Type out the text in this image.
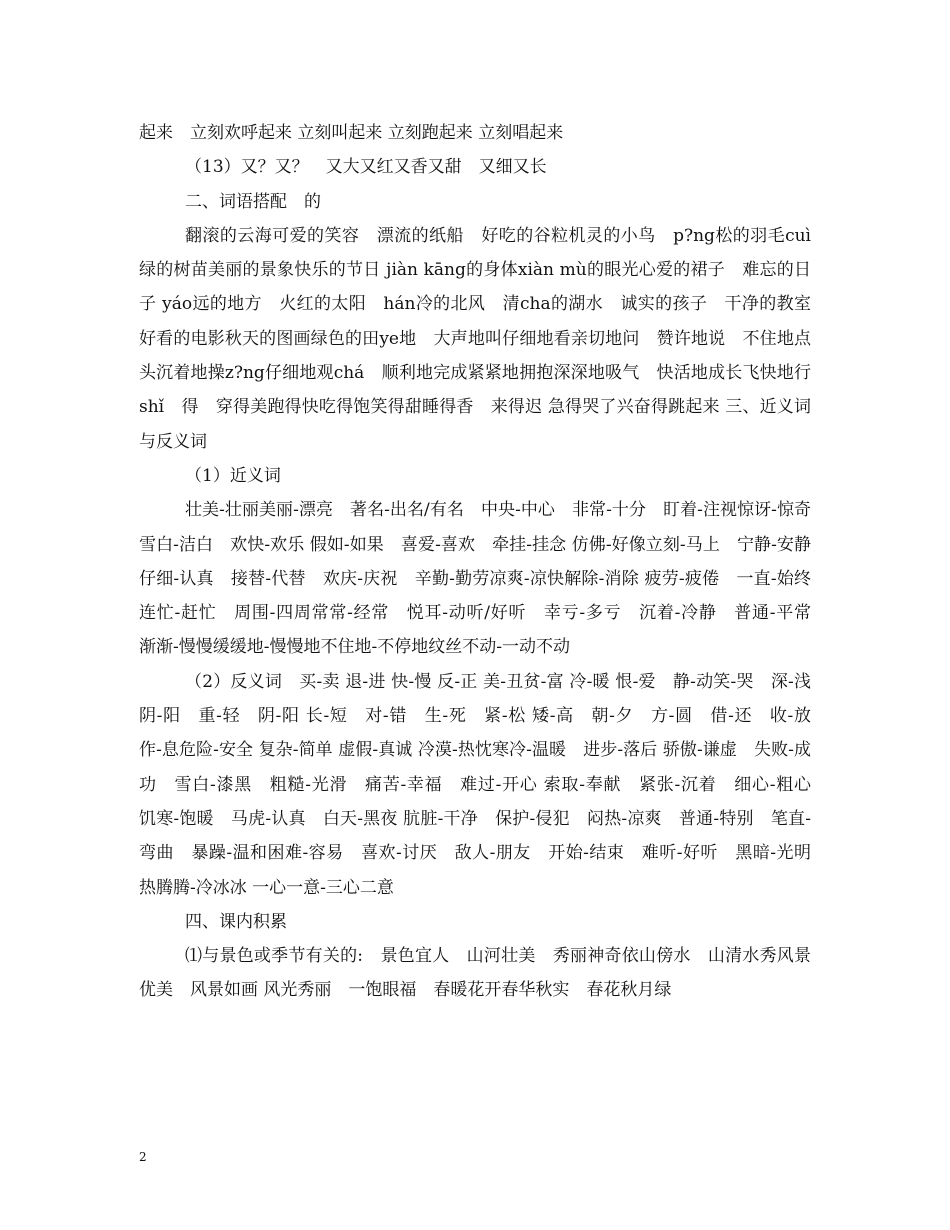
起来　立刻欢呼起来 立刻叫起来 立刻跑起来 立刻唱起来

（13）又？又？　又大又红又香又甜　又细又长

二、词语搭配　的

翻滚的云海可爱的笑容　漂流的纸船　好吃的谷粒机灵的小鸟　p?ng松的羽毛cuì绿的树苗美丽的景象快乐的节日 jiàn kāng的身体xiàn mù的眼光心爱的裙子　难忘的日子 yáo远的地方　火红的太阳　hán冷的北风　清cha的湖水　诚实的孩子　干净的教室好看的电影秋天的图画绿色的田ye地　大声地叫仔细地看亲切地问　赞许地说　不住地点头沉着地操z?ng仔细地观chá　顺利地完成紧紧地拥抱深深地吸气　快活地成长飞快地行shǐ　得　穿得美跑得快吃得饱笑得甜睡得香　来得迟 急得哭了兴奋得跳起来 三、近义词与反义词

（1）近义词

壮美-壮丽美丽-漂亮　著名-出名/有名　中央-中心　非常-十分　盯着-注视惊讶-惊奇雪白-洁白　欢快-欢乐 假如-如果　喜爱-喜欢　牵挂-挂念 仿佛-好像立刻-马上　宁静-安静 仔细-认真　接替-代替　欢庆-庆祝　辛勤-勤劳凉爽-凉快解除-消除 疲劳-疲倦　一直-始终　连忙-赶忙　周围-四周常常-经常　悦耳-动听/好听　幸亏-多亏　沉着-冷静　普通-平常　渐渐-慢慢缓缓地-慢慢地不住地-不停地纹丝不动-一动不动

（2）反义词　买-卖 退-进 快-慢 反-正 美-丑贫-富 冷-暖 恨-爱　静-动笑-哭　深-浅　阴-阳　重-轻　阴-阳 长-短　对-错　生-死　紧-松 矮-高　朝-夕　方-圆　借-还　收-放　作-息危险-安全 复杂-简单 虚假-真诚 冷漠-热忱寒冷-温暖　进步-落后 骄傲-谦虚　失败-成功　雪白-漆黑　粗糙-光滑　痛苦-幸福　难过-开心 索取-奉献　紧张-沉着　细心-粗心　饥寒-饱暖　马虎-认真　白天-黑夜 肮脏-干净　保护-侵犯　闷热-凉爽　普通-特别　笔直-弯曲　暴躁-温和困难-容易　喜欢-讨厌　敌人-朋友　开始-结束　难听-好听　黑暗-光明 热腾腾-冷冰冰 一心一意-三心二意

四、课内积累

⑴与景色或季节有关的:　景色宜人　山河壮美　秀丽神奇依山傍水　山清水秀风景优美　风景如画 风光秀丽　一饱眼福　春暖花开春华秋实　春花秋月绿

2
